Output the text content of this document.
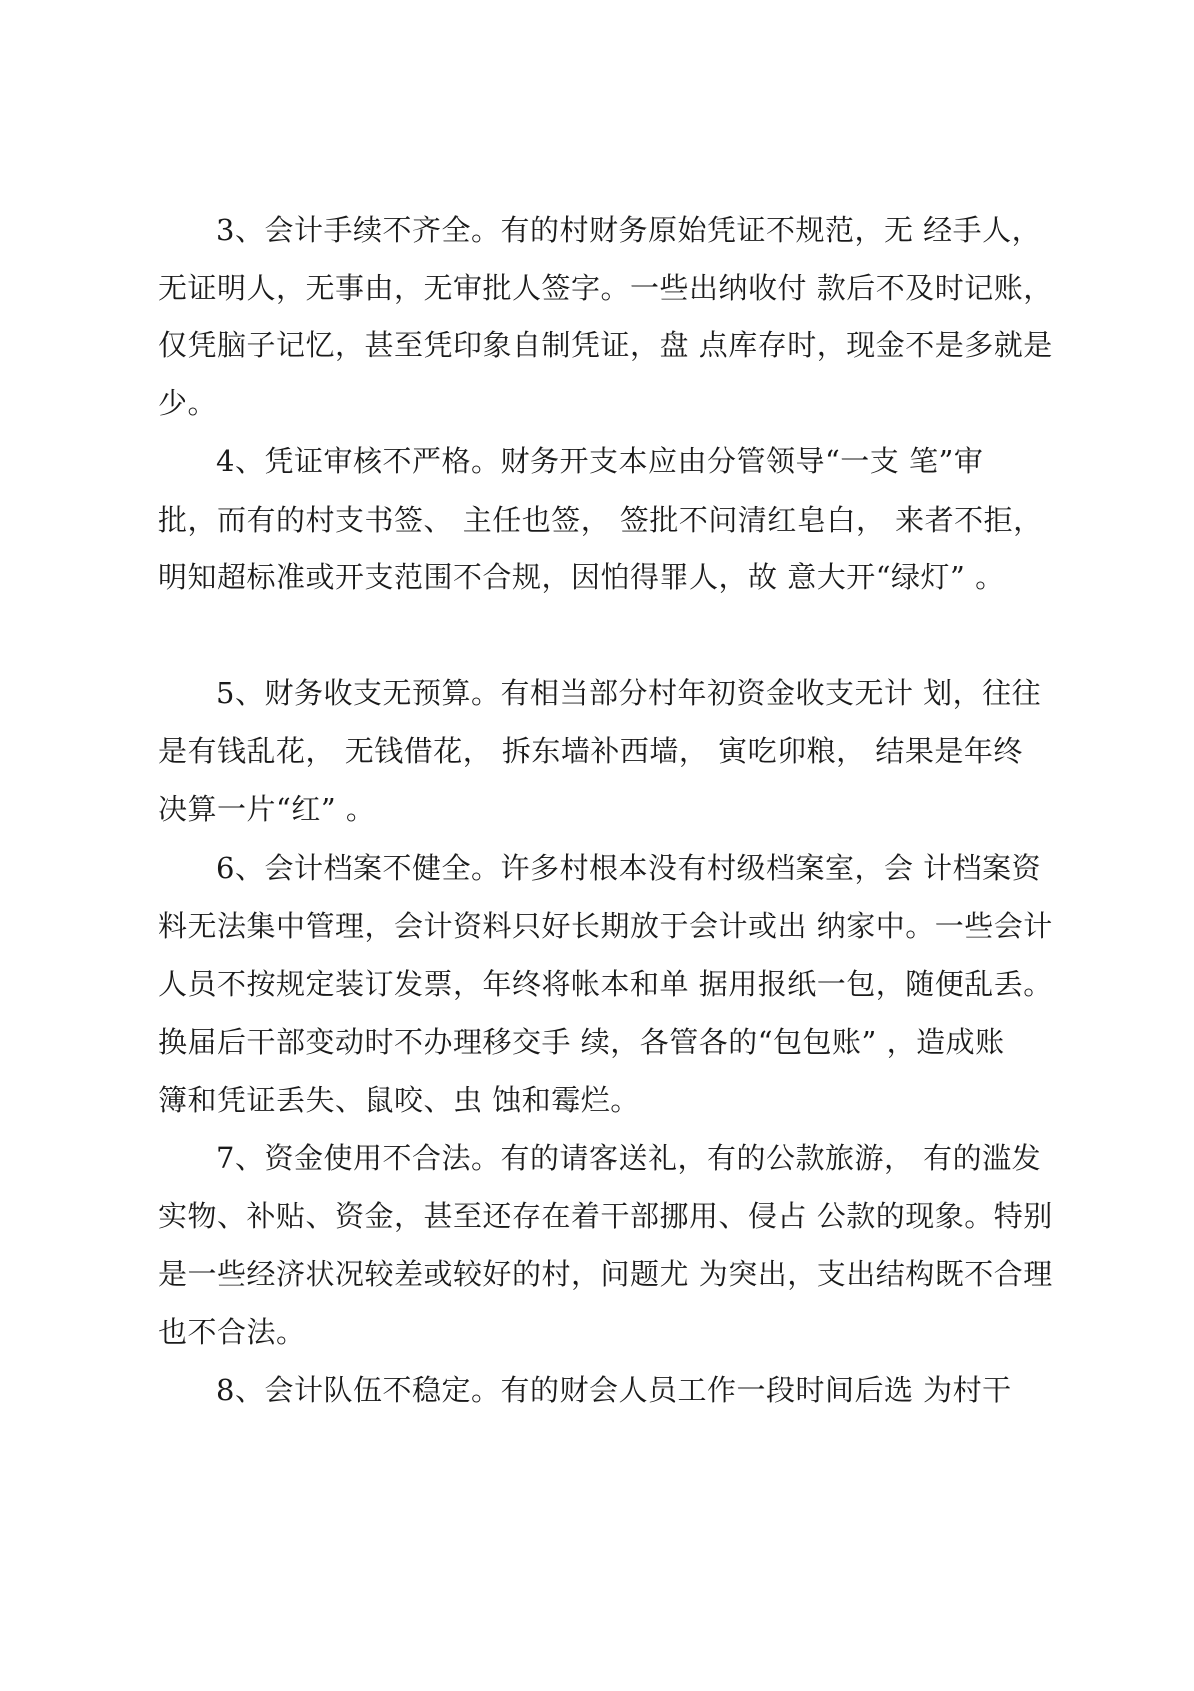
3、会计手续不齐全。有的村财务原始凭证不规范，无 经手人，
无证明人，无事由，无审批人签字。一些出纳收付 款后不及时记账，
仅凭脑子记忆，甚至凭印象自制凭证，盘 点库存时，现金不是多就是
少。
4、凭证审核不严格。财务开支本应由分管领导“一支 笔”审
批，而有的村支书签、 主任也签， 签批不问清红皂白， 来者不拒，
明知超标准或开支范围不合规，因怕得罪人，故 意大开“绿灯” 。
5、财务收支无预算。有相当部分村年初资金收支无计 划，往往
是有钱乱花， 无钱借花， 拆东墙补西墙， 寅吃卯粮， 结果是年终
决算一片“红” 。
6、会计档案不健全。许多村根本没有村级档案室，会 计档案资
料无法集中管理，会计资料只好长期放于会计或出 纳家中。一些会计
人员不按规定装订发票，年终将帐本和单 据用报纸一包，随便乱丢。
换届后干部变动时不办理移交手 续，各管各的“包包账” ，造成账
簿和凭证丢失、鼠咬、虫 蚀和霉烂。
7、资金使用不合法。有的请客送礼，有的公款旅游， 有的滥发
实物、补贴、资金，甚至还存在着干部挪用、侵占 公款的现象。特别
是一些经济状况较差或较好的村，问题尤 为突出，支出结构既不合理
也不合法。
8、会计队伍不稳定。有的财会人员工作一段时间后选 为村干
